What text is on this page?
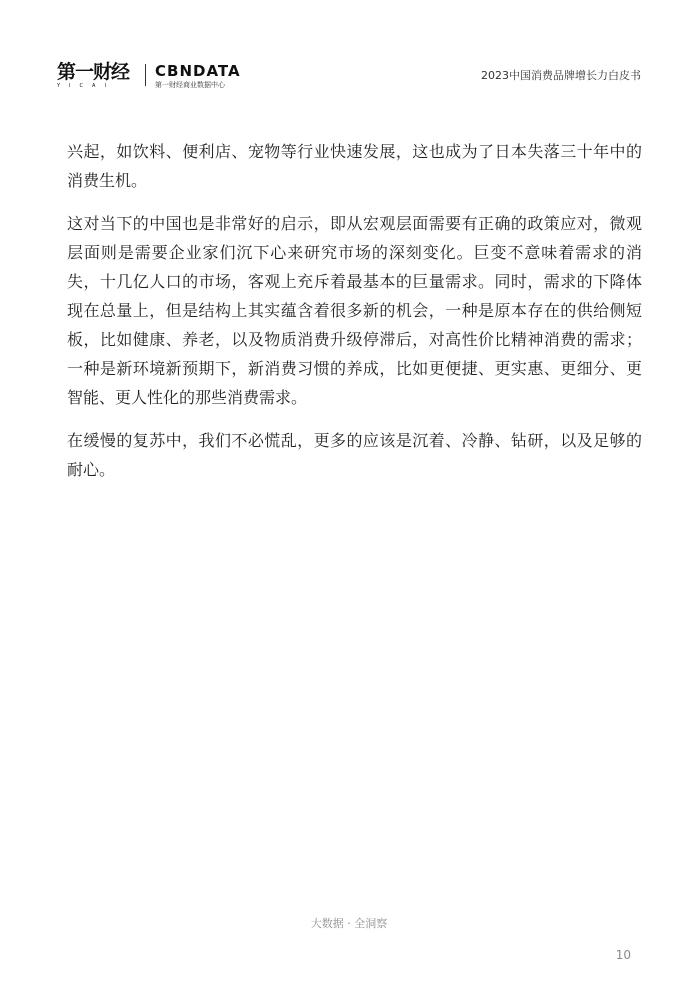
第一财经
YICAI
CBNDATA
第一财经商业数据中心
2023中国消费品牌增长力白皮书

兴起，如饮料、便利店、宠物等行业快速发展，这也成为了日本失落三十年中的消费生机。

这对当下的中国也是非常好的启示，即从宏观层面需要有正确的政策应对，微观层面则是需要企业家们沉下心来研究市场的深刻变化。巨变不意味着需求的消失，十几亿人口的市场，客观上充斥着最基本的巨量需求。同时，需求的下降体现在总量上，但是结构上其实蕴含着很多新的机会，一种是原本存在的供给侧短板，比如健康、养老，以及物质消费升级停滞后，对高性价比精神消费的需求；一种是新环境新预期下，新消费习惯的养成，比如更便捷、更实惠、更细分、更智能、更人性化的那些消费需求。

在缓慢的复苏中，我们不必慌乱，更多的应该是沉着、冷静、钻研，以及足够的耐心。

大数据 · 全洞察
10
